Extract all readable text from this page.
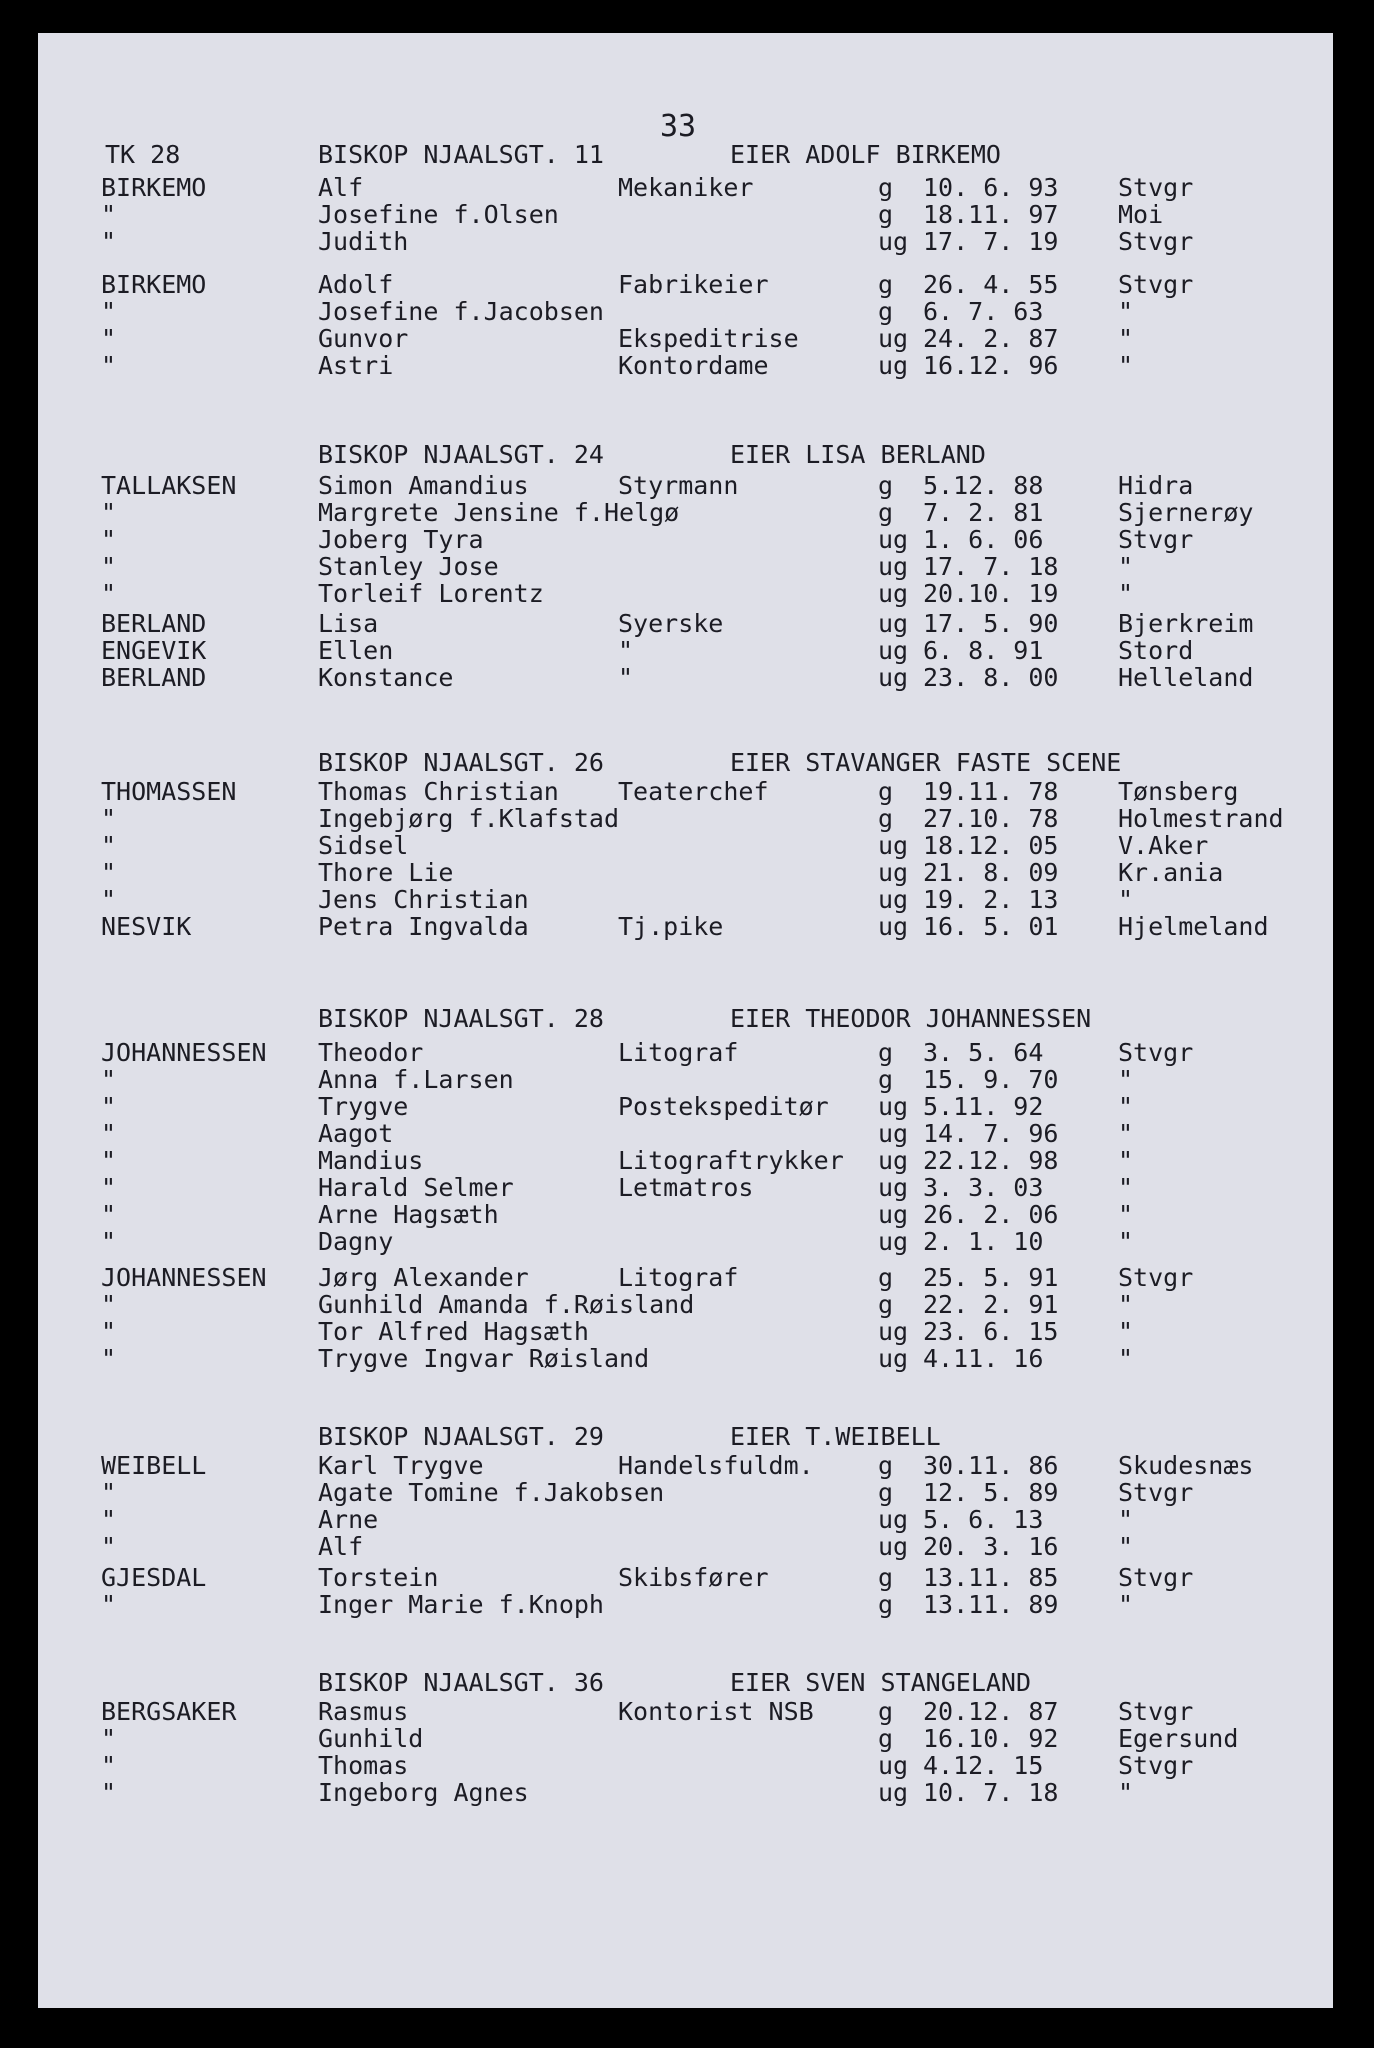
33
TK 28	BISKOP NJAALSGT. 11	EIER ADOLF BIRKEMO
BIRKEMO	Alf	Mekaniker	g 10. 6. 93 Stvgr
"	Josefine f.Olsen	g 18.11. 97 Moi
"	Judith	ug 17. 7. 19 Stvgr
BIRKEMO	Adolf	Fabrikeier	g 26. 4. 55 Stvgr
"	Josefine f.Jacobsen	g 6. 7. 63	"
"	Gunvor	Ekspeditrise	ug 24. 2. 87 "
"	Astri	Kontordame	ug 16.12. 96 "
BISKOP NJAALSGT. 24	EIER LISA BERLAND
TALLAKSEN	Simon Amandius	Styrmann	g 5.12. 88	Hidra
"	Margrete Jensine f.Helgø	g 7. 2. 81	Sjernerøy
"	Joberg Tyra	ug 1. 6. 06	Stvgr
"	Stanley Jose	ug 17. 7. 18 "
"	Torleif Lorentz	ug 20.10. 19 "
BERLAND	Lisa	Syerske	ug 17. 5. 90 Bjerkreim
ENGEVIK	Ellen	"	ug 6. 8. 91	Stord
BERLAND	Konstance	"	ug 23. 8. 00 Helleland
BISKOP NJAALSGT. 26	EIER STAVANGER FASTE SCENE
THOMASSEN	Thomas Christian Teaterchef	g 19.11. 78 Tønsberg
"	Ingebjørg f.Klafstad	g 27.10. 78 Holmestrand
"	Sidsel	ug 18.12. 05 V.Aker
"	Thore Lie	ug 21. 8. 09 Kr.ania
"	Jens Christian	ug 19. 2. 13 "
NESVIK	Petra Ingvalda	Tj.pike	ug 16. 5. 01 Hjelmeland
BISKOP NJAALSGT. 28	EIER THEODOR JOHANNESSEN
JOHANNESSEN Theodor	Litograf	g 3. 5. 64	Stvgr
"	Anna f.Larsen	g 15. 9. 70 "
"	Trygve	Postekspeditør ug 5.11. 92	"
"	Aagot	ug 14. 7. 96 "
"	Mandius	Litograftrykker ug 22.12. 98 "
"	Harald Selmer	Letmatros	ug 3. 3. 03	"
"	Arne Hagsæth	ug 26. 2. 06 "
"	Dagny	ug 2. 1. 10	"
JOHANNESSEN Jørg Alexander	Litograf	g 25. 5. 91 Stvgr
"	Gunhild Amanda f.Røisland	g 22. 2. 91 "
"	Tor Alfred Hagsæth	ug 23. 6. 15 "
"	Trygve Ingvar Røisland	ug 4.11. 16	"
BISKOP NJAALSGT. 29	EIER T.WEIBELL
WEIBELL	Karl Trygve	Handelsfuldm.	g 30.11. 86 Skudesnæs
"	Agate Tomine f.Jakobsen	g 12. 5. 89 Stvgr
"	Arne	ug 5. 6. 13	"
"	Alf	ug 20. 3. 16 "
GJESDAL	Torstein	Skibsfører	g 13.11. 85 Stvgr
"	Inger Marie f.Knoph	g 13.11. 89 "
BISKOP NJAALSGT. 36	EIER SVEN STANGELAND
BERGSAKER	Rasmus	Kontorist NSB	g 20.12. 87 Stvgr
"	Gunhild	g 16.10. 92 Egersund
"	Thomas	ug 4.12. 15	Stvgr
"	Ingeborg Agnes	ug 10. 7. 18 "
